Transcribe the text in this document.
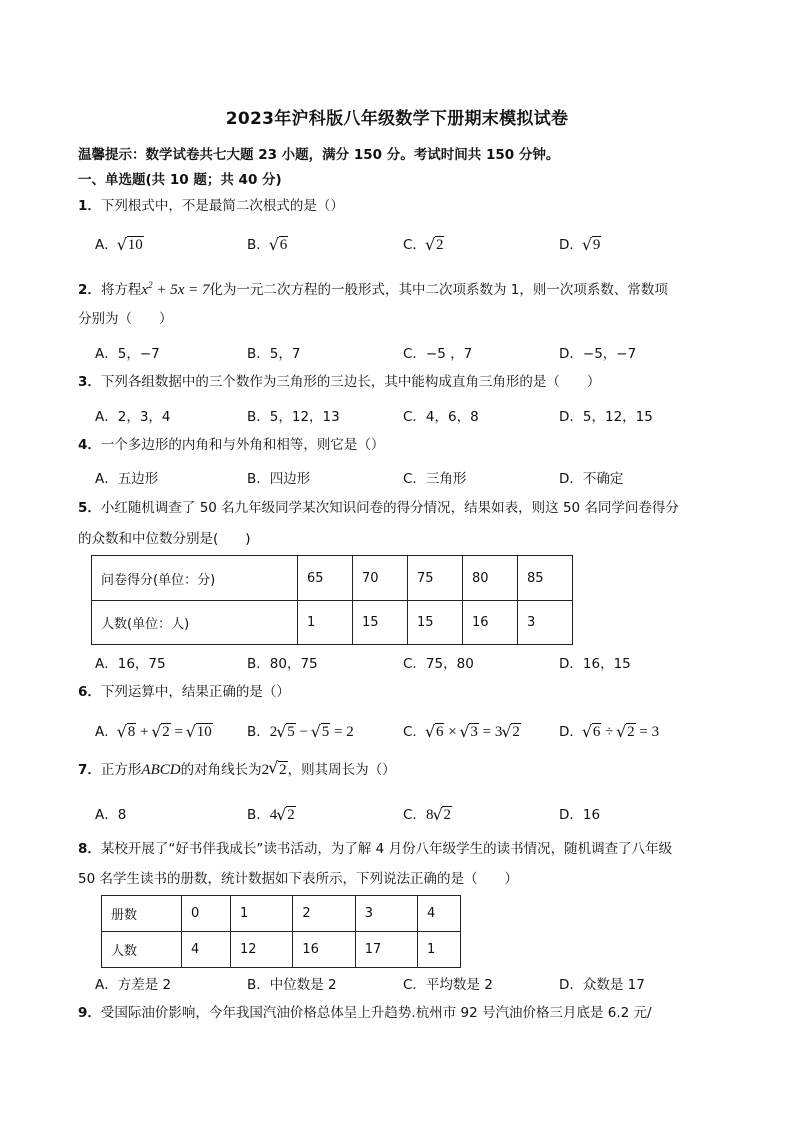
2023年沪科版八年级数学下册期末模拟试卷
温馨提示：数学试卷共七大题 23 小题，满分 150 分。考试时间共 150 分钟。
一、单选题(共 10 题；共 40 分)
1．下列根式中，不是最简二次根式的是（）
A． √ 10	B． √ 6	C． √ 2	D． √ 9
2．将方程$x^2 + 5x = 7$化为一元二次方程的一般形式，其中二次项系数为 1，则一次项系数、常数项
分别为（　　）
A．5，−7	B．5，7	C．−5 ，7	D．−5，−7
3．下列各组数据中的三个数作为三角形的三边长，其中能构成直角三角形的是（　　）
A．2，3，4	B．5，12，13	C．4，6，8	D．5，12，15
4．一个多边形的内角和与外角和相等，则它是（）
A．五边形	B．四边形	C．三角形	D．不确定
5．小红随机调查了 50 名九年级同学某次知识问卷的得分情况，结果如表，则这 50 名同学问卷得分
的众数和中位数分别是(　　)
问卷得分(单位：分)	65	70	75	80	85
人数(单位：人)	1	15	15	16	3
A．16，75	B．80，75	C．75，80	D．16，15
6．下列运算中，结果正确的是（）
A． √ 8 + √ 2 = √ 10	B．2 √ 5 − √ 5 = 2	C． √ 6 × √ 3 = 3 √ 2	D． √ 6 ÷ √ 2 = 3
7．正方形ABCD的对角线长为2 √ 2，则其周长为（）
A．8	B．4 √ 2	C．8 √ 2	D．16
8．某校开展了“好书伴我成长”读书活动，为了解 4 月份八年级学生的读书情况，随机调查了八年级
50 名学生读书的册数，统计数据如下表所示，下列说法正确的是（　　）
册数	0	1	2	3	4
人数	4	12	16	17	1
A．方差是 2	B．中位数是 2	C．平均数是 2	D．众数是 17
9．受国际油价影响，今年我国汽油价格总体呈上升趋势.杭州市 92 号汽油价格三月底是 6.2 元/
